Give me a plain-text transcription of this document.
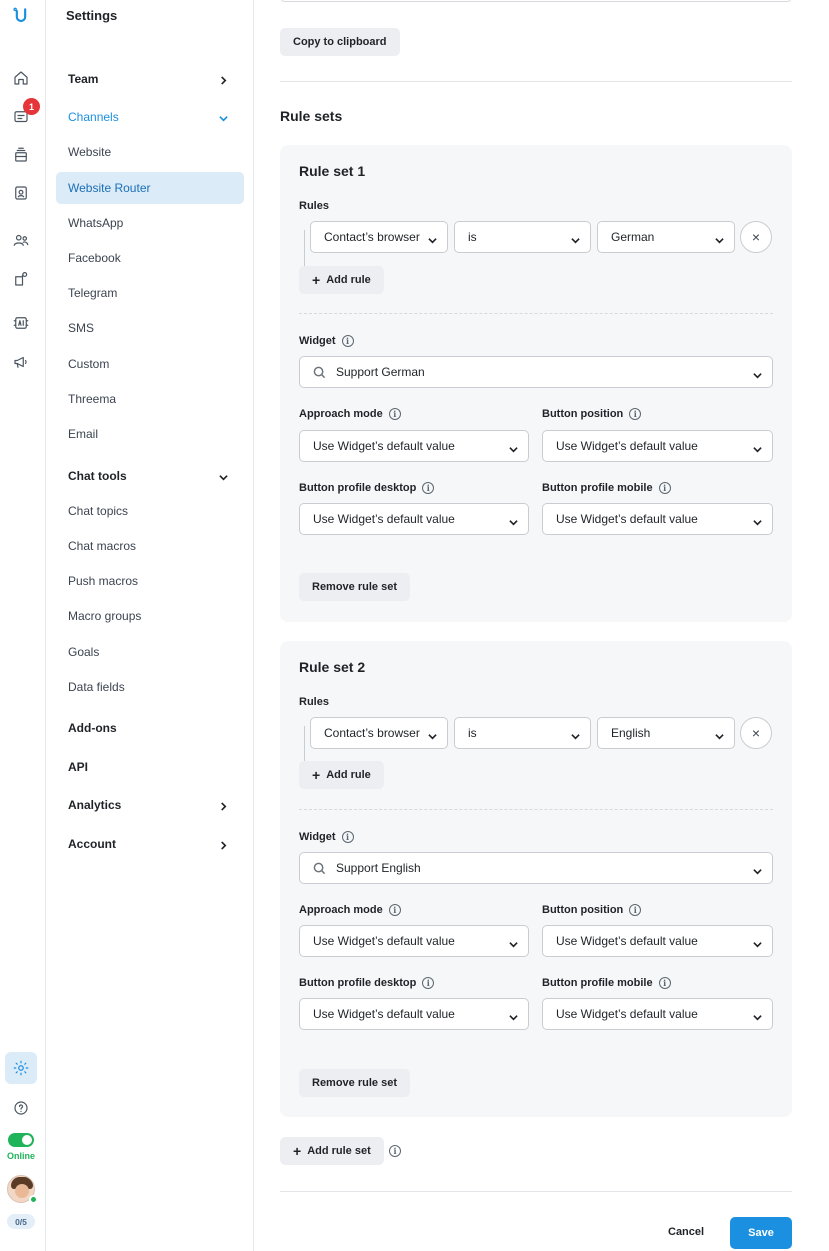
1
Online
0/5
Settings
Team
Channels
Website
Website Router
WhatsApp
Facebook
Telegram
SMS
Custom
Threema
Email
Chat tools
Chat topics
Chat macros
Push macros
Macro groups
Goals
Data fields
Add-ons
API
Analytics
Account
Copy to clipboard
Rule sets
Rule set 1
Rules
Contact’s browser	is	German	×
+ Add rule
Widget	i
Support German
Approach mode	i
Use Widget’s default value
Button position	i
Use Widget’s default value
Button profile desktop	i
Use Widget’s default value
Button profile mobile	i
Use Widget’s default value
Remove rule set
Rule set 2
Rules
Contact’s browser	is	English	×
+ Add rule
Widget	i
Support English
Approach mode	i
Use Widget’s default value
Button position	i
Use Widget’s default value
Button profile desktop	i
Use Widget’s default value
Button profile mobile	i
Use Widget’s default value
Remove rule set
+ Add rule set	i
Cancel	Save
